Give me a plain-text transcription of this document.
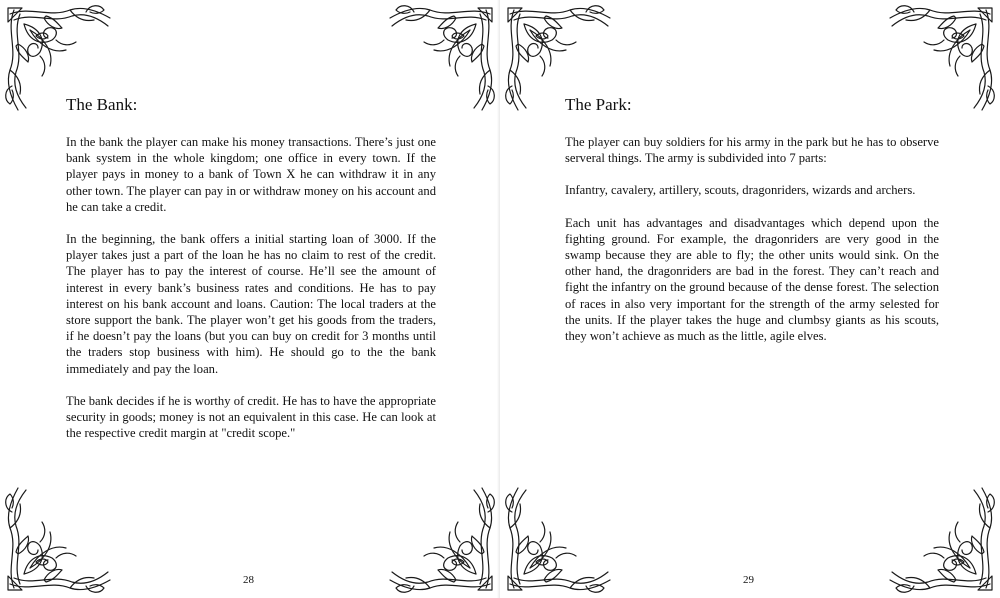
The Bank:

In the bank the player can make his money transactions. There’s just one bank system in the whole kingdom; one office in every town. If the player pays in money to a bank of Town X he can withdraw it in any other town. The player can pay in or withdraw money on his account and he can take a credit.

In the beginning, the bank offers a initial starting loan of 3000. If the player takes just a part of the loan he has no claim to rest of the credit. The player has to pay the interest of course. He’ll see the amount of interest in every bank’s business rates and conditions. He has to pay interest on his bank account and loans. Caution: The local traders at the store support the bank. The player won’t get his goods from the traders, if he doesn’t pay the loans (but you can buy on credit for 3 months until the traders stop business with him). He should go to the the bank immediately and pay the loan.

The bank decides if he is worthy of credit. He has to have the appropriate security in goods; money is not an equivalent in this case. He can look at the respective credit margin at "credit scope."

28
The Park:

The player can buy soldiers for his army in the park but he has to observe serveral things. The army is subdivided into 7 parts:

Infantry, cavalery, artillery, scouts, dragonriders, wizards and archers.

Each unit has advantages and disadvantages which depend upon the fighting ground. For example, the dragonriders are very good in the swamp because they are able to fly; the other units would sink. On the other hand, the dragonriders are bad in the forest. They can’t reach and fight the infantry on the ground because of the dense forest. The selection of races in also very important for the strength of the army selested for the units. If the player takes the huge and clumbsy giants as his scouts, they won’t achieve as much as the little, agile elves.

29
